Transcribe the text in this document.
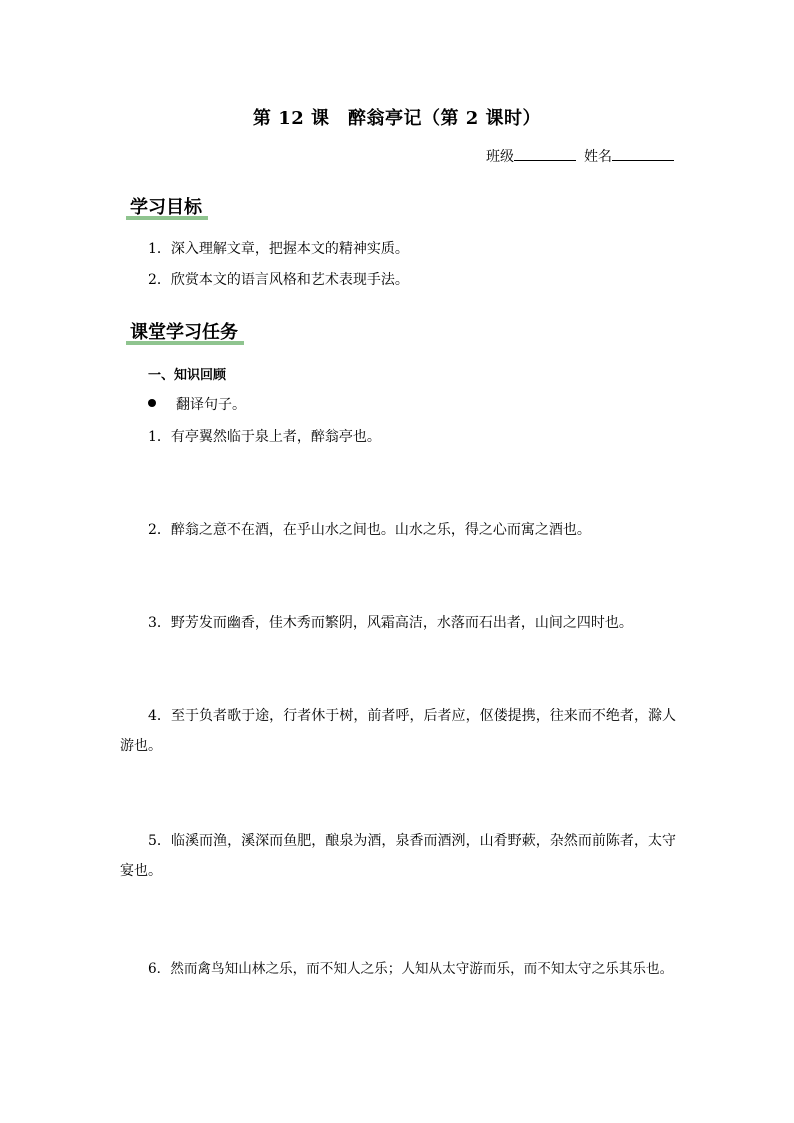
第 12 课　醉翁亭记（第 2 课时）
班级	姓名
学习目标
1．深入理解文章，把握本文的精神实质。
2．欣赏本文的语言风格和艺术表现手法。
课堂学习任务
一、知识回顾
翻译句子。
1．有亭翼然临于泉上者，醉翁亭也。
2．醉翁之意不在酒，在乎山水之间也。山水之乐，得之心而寓之酒也。
3．野芳发而幽香，佳木秀而繁阴，风霜高洁，水落而石出者，山间之四时也。
4．至于负者歌于途，行者休于树，前者呼，后者应，伛偻提携，往来而不绝者，滁人游也。
5．临溪而渔，溪深而鱼肥，酿泉为酒，泉香而酒洌，山肴野蔌，杂然而前陈者，太守宴也。
6．然而禽鸟知山林之乐，而不知人之乐；人知从太守游而乐，而不知太守之乐其乐也。
